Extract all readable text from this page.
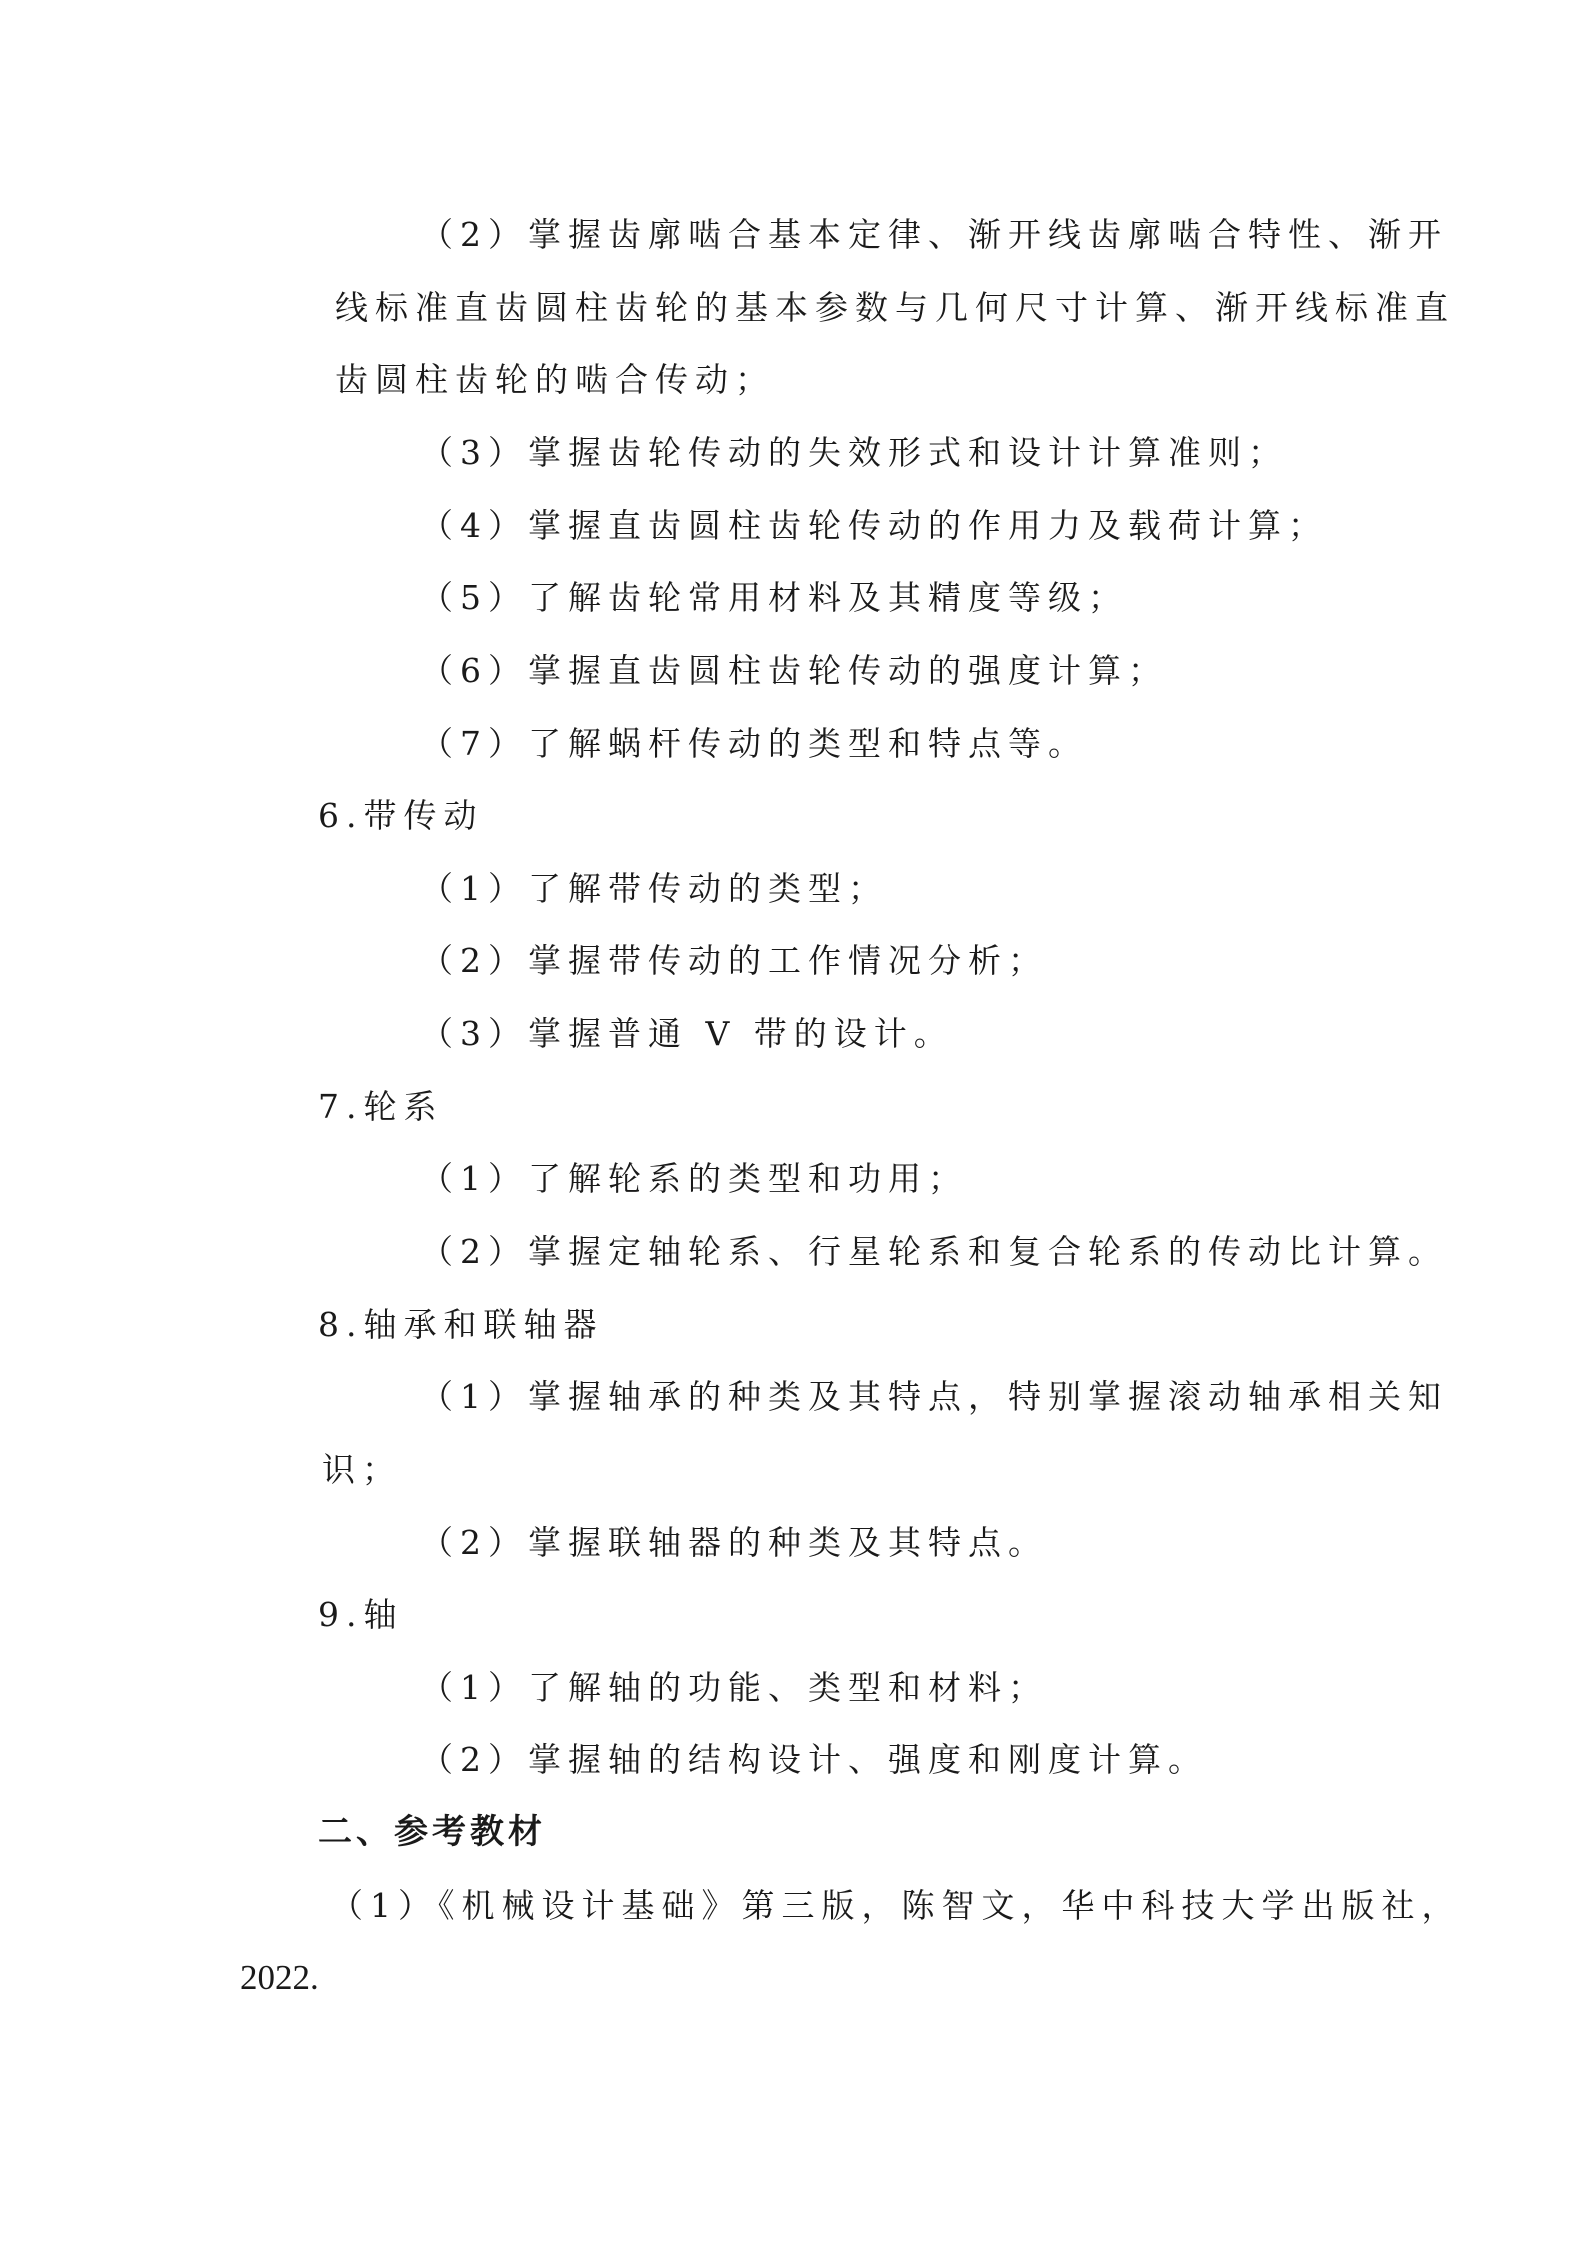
（2）掌握齿廓啮合基本定律、渐开线齿廓啮合特性、渐开
线标准直齿圆柱齿轮的基本参数与几何尺寸计算、渐开线标准直
齿圆柱齿轮的啮合传动；
（3）掌握齿轮传动的失效形式和设计计算准则；
（4）掌握直齿圆柱齿轮传动的作用力及载荷计算；
（5）了解齿轮常用材料及其精度等级；
（6）掌握直齿圆柱齿轮传动的强度计算；
（7）了解蜗杆传动的类型和特点等。
6.带传动
（1）了解带传动的类型；
（2）掌握带传动的工作情况分析；
（3）掌握普通 V 带的设计。
7.轮系
（1）了解轮系的类型和功用；
（2）掌握定轴轮系、行星轮系和复合轮系的传动比计算。
8.轴承和联轴器
（1）掌握轴承的种类及其特点，特别掌握滚动轴承相关知
识；
（2）掌握联轴器的种类及其特点。
9.轴
（1）了解轴的功能、类型和材料；
（2）掌握轴的结构设计、强度和刚度计算。
二、参考教材
（1）《机械设计基础》第三版，陈智文，华中科技大学出版社，
2022.
